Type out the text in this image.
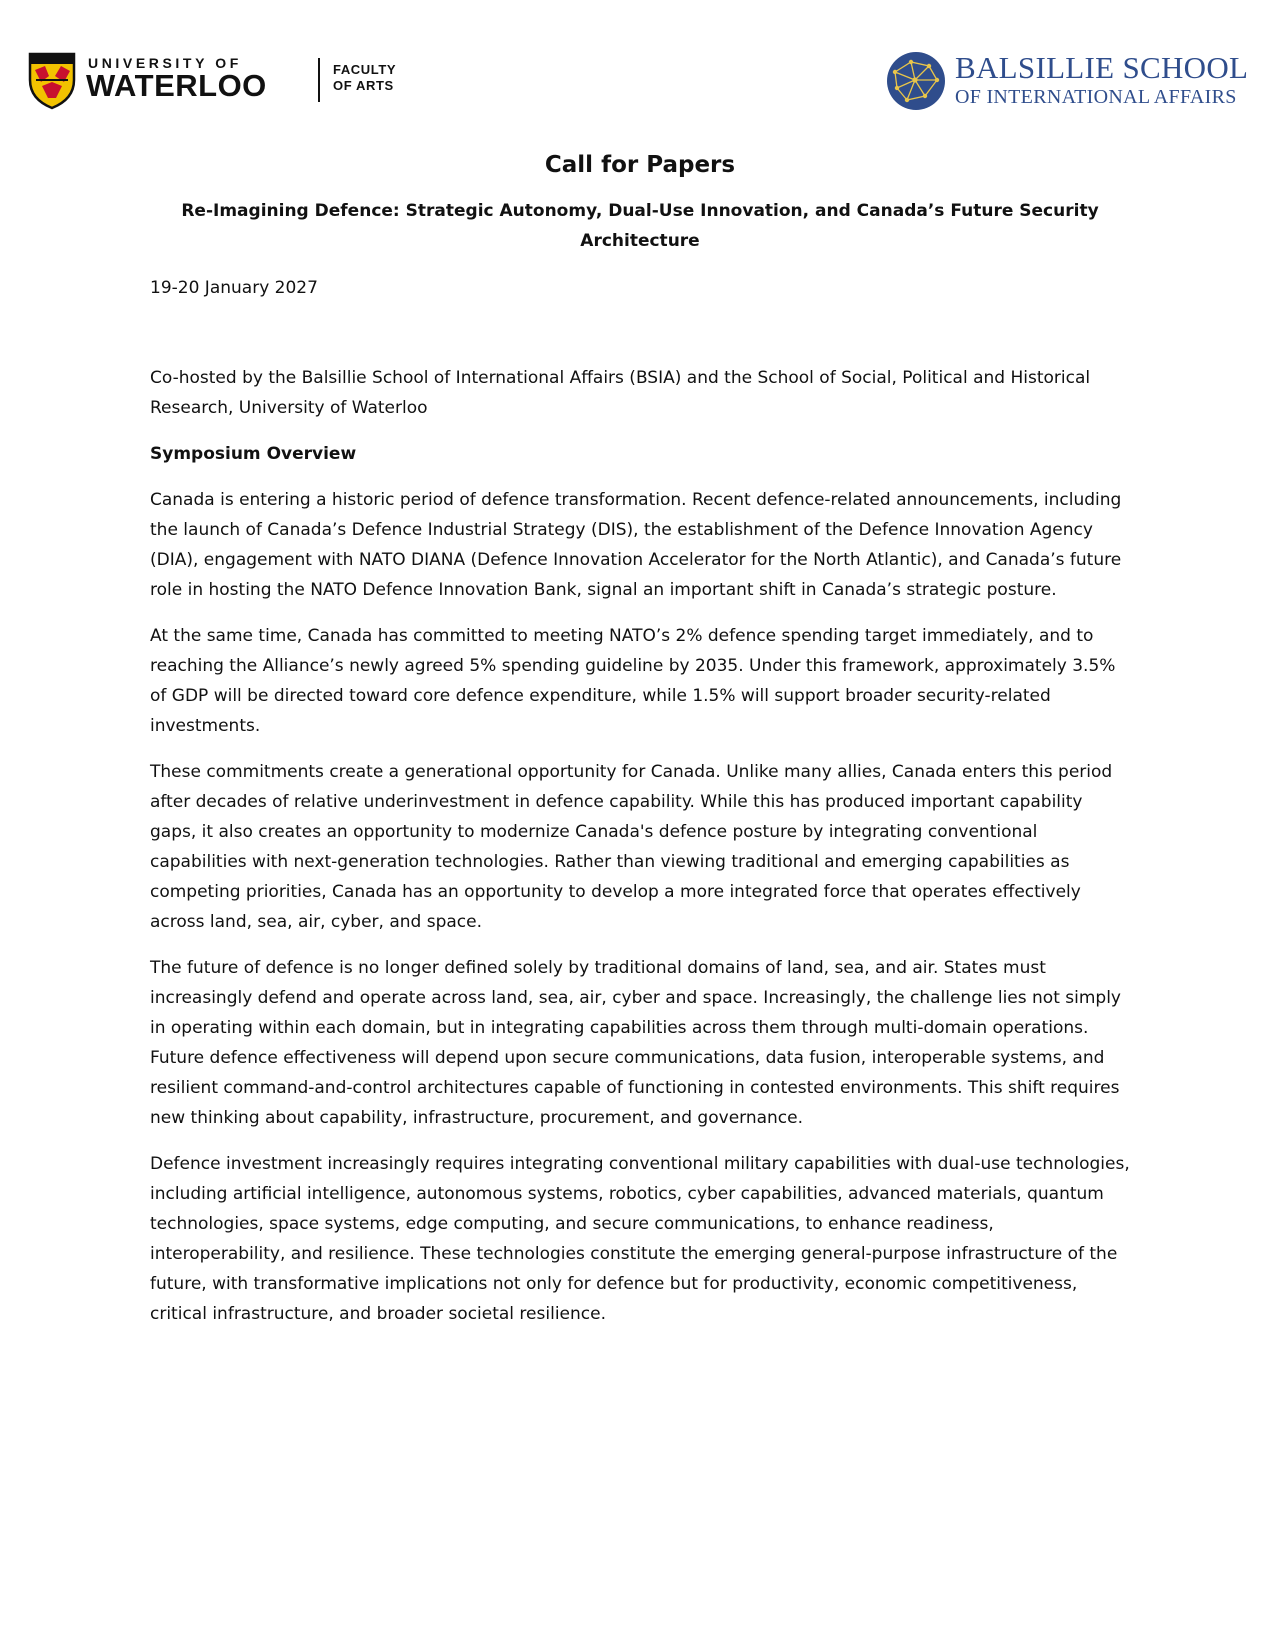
UNIVERSITY OF
WATERLOO	FACULTY
OF ARTS
BALSILLIE SCHOOL
OF INTERNATIONAL AFFAIRS
Call for Papers
Re-Imagining Defence: Strategic Autonomy, Dual-Use Innovation, and Canada’s Future Security Architecture

19-20 January 2027

Co-hosted by the Balsillie School of International Affairs (BSIA) and the School of Social, Political and Historical Research, University of Waterloo

Symposium Overview

Canada is entering a historic period of defence transformation. Recent defence-related announcements, including the launch of Canada’s Defence Industrial Strategy (DIS), the establishment of the Defence Innovation Agency (DIA), engagement with NATO DIANA (Defence Innovation Accelerator for the North Atlantic), and Canada’s future role in hosting the NATO Defence Innovation Bank, signal an important shift in Canada’s strategic posture.

At the same time, Canada has committed to meeting NATO’s 2% defence spending target immediately, and to reaching the Alliance’s newly agreed 5% spending guideline by 2035. Under this framework, approximately 3.5% of GDP will be directed toward core defence expenditure, while 1.5% will support broader security-related investments.

These commitments create a generational opportunity for Canada. Unlike many allies, Canada enters this period after decades of relative underinvestment in defence capability. While this has produced important capability gaps, it also creates an opportunity to modernize Canada's defence posture by integrating conventional capabilities with next-generation technologies. Rather than viewing traditional and emerging capabilities as competing priorities, Canada has an opportunity to develop a more integrated force that operates effectively across land, sea, air, cyber, and space.

The future of defence is no longer defined solely by traditional domains of land, sea, and air. States must increasingly defend and operate across land, sea, air, cyber and space. Increasingly, the challenge lies not simply in operating within each domain, but in integrating capabilities across them through multi-domain operations. Future defence effectiveness will depend upon secure communications, data fusion, interoperable systems, and resilient command-and-control architectures capable of functioning in contested environments. This shift requires new thinking about capability, infrastructure, procurement, and governance.

Defence investment increasingly requires integrating conventional military capabilities with dual-use technologies, including artificial intelligence, autonomous systems, robotics, cyber capabilities, advanced materials, quantum technologies, space systems, edge computing, and secure communications, to enhance readiness, interoperability, and resilience. These technologies constitute the emerging general-purpose infrastructure of the future, with transformative implications not only for defence but for productivity, economic competitiveness, critical infrastructure, and broader societal resilience.
